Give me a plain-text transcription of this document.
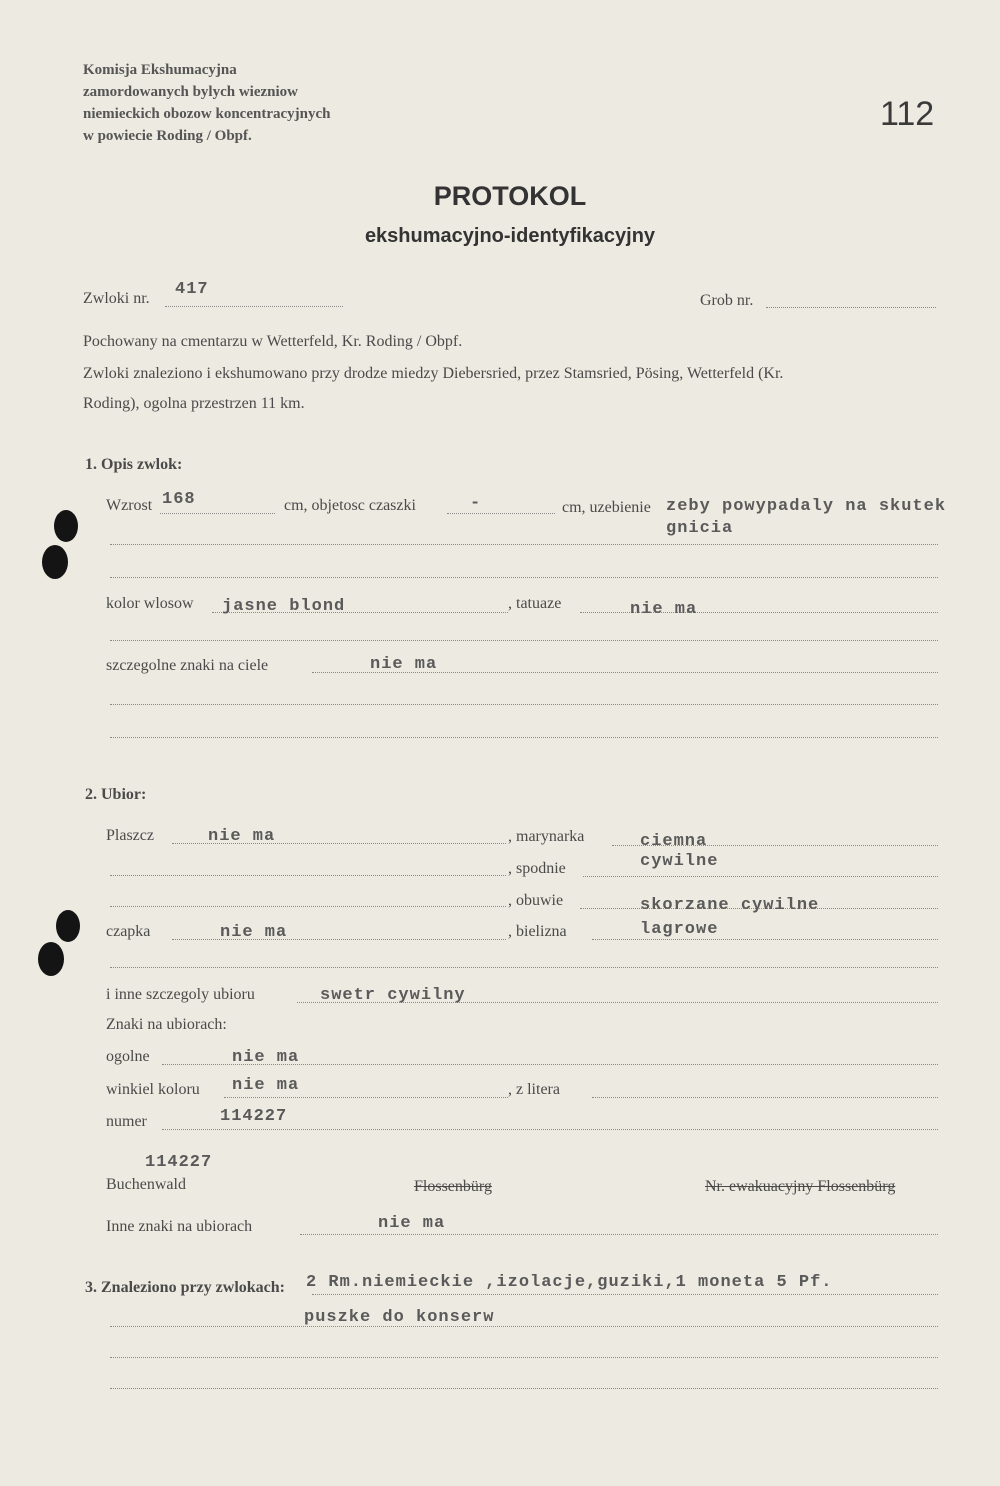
Komisja Ekshumacyjna
zamordowanych bylych wiezniow
niemieckich obozow koncentracyjnych
w powiecie Roding / Obpf.
112
PROTOKOL
ekshumacyjno-identyfikacyjny
Zwloki nr. 417
Grob nr.
Pochowany na cmentarzu w Wetterfeld, Kr. Roding / Obpf.
Zwloki znaleziono i ekshumowano przy drodze miedzy Diebersried, przez Stamsried, Pösing, Wetterfeld (Kr.
Roding), ogolna przestrzen 11 km.
1. Opis zwlok:
Wzrost 168	cm, objetosc czaszki	-	cm, uzebienie zeby powypadaly na skutek
gnicia
kolor wlosow jasne blond	, tatuaze	nie ma
szczegolne znaki na ciele	nie ma
2. Ubior:
Plaszcz	nie ma	, marynarka	ciemna
, spodnie	cywilne
, obuwie	skorzane cywilne
czapka	nie ma	, bielizna	lagrowe
i inne szczegoly ubioru	swetr cywilny
Znaki na ubiorach:
ogolne	nie ma
winkiel koloru nie ma	, z litera
numer	114227
114227
Buchenwald	Flossenbürg	Nr. ewakuacyjny Flossenbürg
Inne znaki na ubiorach	nie ma
3. Znaleziono przy zwlokach: 2 Rm.niemieckie ,izolacje,guziki,1 moneta 5 Pf.
puszke do konserw
